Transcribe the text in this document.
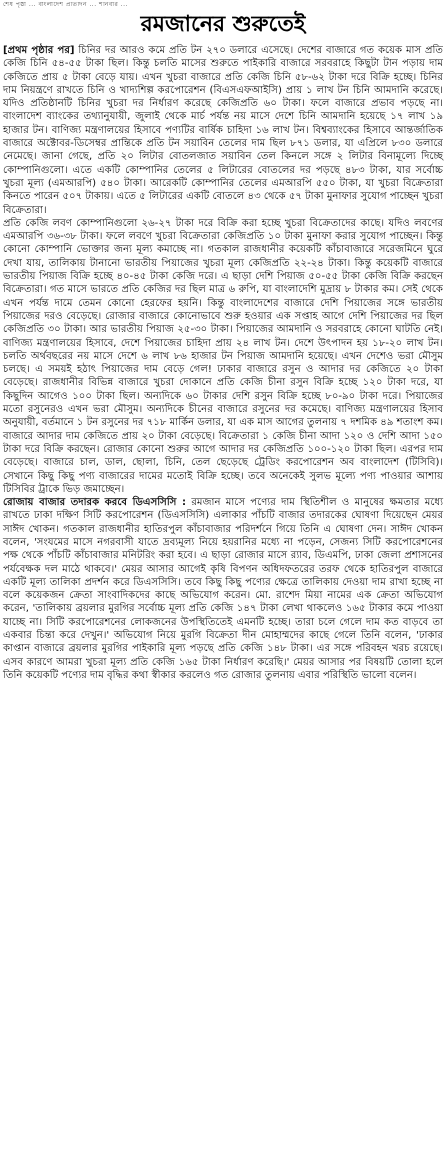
শেষ পৃষ্ঠা ... বাংলাদেশ প্রতিদিন ... শনিবার ...
রমজানের শুরুতেই

[প্রথম পৃষ্ঠার পর] চিনির দর আরও কমে প্রতি টন ২৭০ ডলারে এসেছে। দেশের বাজারে গত কয়েক মাস প্রতি কেজি চিনি ৫৪-৫৫ টাকা ছিল। কিন্তু চলতি মাসের শুরুতে পাইকারি বাজারে সরবরাহে কিছুটা টান পড়ায় দাম কেজিতে প্রায় ৫ টাকা বেড়ে যায়। এখন খুচরা বাজারে প্রতি কেজি চিনি ৫৮-৬২ টাকা দরে বিক্রি হচ্ছে। চিনির দাম নিয়ন্ত্রণে রাখতে চিনি ও খাদ্যশিল্প করপোরেশন (বিএসএফআইসি) প্রায় ১ লাখ টন চিনি আমদানি করেছে। যদিও প্রতিষ্ঠানটি চিনির খুচরা দর নির্ধারণ করেছে কেজিপ্রতি ৬০ টাকা। ফলে বাজারে প্রভাব পড়ছে না। বাংলাদেশ ব্যাংকের তথ্যানুযায়ী, জুলাই থেকে মার্চ পর্যন্ত নয় মাসে দেশে চিনি আমদানি হয়েছে ১৭ লাখ ১৯ হাজার টন। বাণিজ্য মন্ত্রণালয়ের হিসাবে পণ্যটির বার্ষিক চাহিদা ১৬ লাখ টন। বিশ্বব্যাংকের হিসাবে আন্তর্জাতিক বাজারে অক্টোবর-ডিসেম্বর প্রান্তিকে প্রতি টন সয়াবিন তেলের দাম ছিল ৮৭১ ডলার, যা এপ্রিলে ৮৩০ ডলারে নেমেছে। জানা গেছে, প্রতি ২০ লিটার বোতলজাত সয়াবিন তেল কিনলে সঙ্গে ২ লিটার বিনামূল্যে দিচ্ছে কোম্পানিগুলো। এতে একটি কোম্পানির তেলের ৫ লিটারের বোতলের দর পড়ছে ৪৮৩ টাকা, যার সর্বোচ্চ খুচরা মূল্য (এমআরপি) ৫৪০ টাকা। আরেকটি কোম্পানির তেলের এমআরপি ৫৫০ টাকা, যা খুচরা বিক্রেতারা কিনতে পারেন ৫০৭ টাকায়। এতে ৫ লিটারের একটি বোতলে ৪৩ থেকে ৫৭ টাকা মুনাফার সুযোগ পাচ্ছেন খুচরা বিক্রেতারা।

প্রতি কেজি লবণ কোম্পানিগুলো ২৬-২৭ টাকা দরে বিক্রি করা হচ্ছে খুচরা বিক্রেতাদের কাছে। যদিও লবণের এমআরপি ৩৬-৩৮ টাকা। ফলে লবণে খুচরা বিক্রেতারা কেজিপ্রতি ১০ টাকা মুনাফা করার সুযোগ পাচ্ছেন। কিন্তু কোনো কোম্পানি ভোক্তার জন্য মূল্য কমাচ্ছে না। গতকাল রাজধানীর কয়েকটি কাঁচাবাজারে সরেজমিনে ঘুরে দেখা যায়, তালিকায় টানানো ভারতীয় পিয়াজের খুচরা মূল্য কেজিপ্রতি ২২-২৪ টাকা। কিন্তু কয়েকটি বাজারে ভারতীয় পিয়াজ বিক্রি হচ্ছে ৪০-৪৫ টাকা কেজি দরে। এ ছাড়া দেশি পিয়াজ ৫০-৫৫ টাকা কেজি বিক্রি করছেন বিক্রেতারা। গত মাসে ভারতে প্রতি কেজির দর ছিল মাত্র ৬ রুপি, যা বাংলাদেশি মুদ্রায় ৮ টাকার কম। সেই থেকে এখন পর্যন্ত দামে তেমন কোনো হেরফের হয়নি। কিন্তু বাংলাদেশের বাজারে দেশি পিয়াজের সঙ্গে ভারতীয় পিয়াজের দরও বেড়েছে। রোজার বাজারে কোনোভাবে শুরু হওয়ার এক সপ্তাহ আগে দেশি পিয়াজের দর ছিল কেজিপ্রতি ৩০ টাকা। আর ভারতীয় পিয়াজ ২৫-৩০ টাকা। পিয়াজের আমদানি ও সরবরাহে কোনো ঘাটতি নেই। বাণিজ্য মন্ত্রণালয়ের হিসাবে, দেশে পিয়াজের চাহিদা প্রায় ২৪ লাখ টন। দেশে উৎপাদন হয় ১৮-২০ লাখ টন। চলতি অর্থবছরের নয় মাসে দেশে ৬ লাখ ৮৬ হাজার টন পিয়াজ আমদানি হয়েছে। এখন দেশেও ভরা মৌসুম চলছে। এ সময়ই হঠাৎ পিয়াজের দাম বেড়ে গেল! ঢাকার বাজারে রসুন ও আদার দর কেজিতে ২০ টাকা বেড়েছে। রাজধানীর বিভিন্ন বাজারে খুচরা দোকানে প্রতি কেজি চীনা রসুন বিক্রি হচ্ছে ১২০ টাকা দরে, যা কিছুদিন আগেও ১০০ টাকা ছিল। অন্যদিকে ৬০ টাকার দেশি রসুন বিক্রি হচ্ছে ৮০-৯০ টাকা দরে। পিয়াজের মতো রসুনেরও এখন ভরা মৌসুম। অন্যদিকে চীনের বাজারে রসুনের দর কমেছে। বাণিজ্য মন্ত্রণালয়ের হিসাব অনুযায়ী, বর্তমানে ১ টন রসুনের দর ৭১৮ মার্কিন ডলার, যা এক মাস আগের তুলনায় ৭ দশমিক ৪৯ শতাংশ কম। বাজারে আদার দাম কেজিতে প্রায় ২০ টাকা বেড়েছে। বিক্রেতারা ১ কেজি চীনা আদা ১২০ ও দেশি আদা ১৫০ টাকা দরে বিক্রি করছেন। রোজার কোনো শুরুর আগে আদার দর কেজিপ্রতি ১০০-১২০ টাকা ছিল। এরপর দাম বেড়েছে। বাজারে চাল, ডাল, ছোলা, চিনি, তেল ছেড়েছে ট্রেডিং করপোরেশন অব বাংলাদেশ (টিসিবি)। সেখানে কিছু কিছু পণ্য বাজারের দামের মতোই বিক্রি হচ্ছে। তবে অনেকেই সুলভ মূল্যে পণ্য পাওয়ার আশায় টিসিবির ট্রাকে ভিড় জমাচ্ছেন।

রোজায় বাজার তদারক করবে ডিএসসিসি : রমজান মাসে পণ্যের দাম স্থিতিশীল ও মানুষের ক্ষমতার মধ্যে রাখতে ঢাকা দক্ষিণ সিটি করপোরেশন (ডিএসসিসি) এলাকার পাঁচটি বাজার তদারকের ঘোষণা দিয়েছেন মেয়র সাঈদ খোকন। গতকাল রাজধানীর হাতিরপুল কাঁচাবাজার পরিদর্শনে গিয়ে তিনি এ ঘোষণা দেন। সাঈদ খোকন বলেন, 'সংযমের মাসে নগরবাসী যাতে দ্রব্যমূল্য নিয়ে হয়রানির মধ্যে না পড়েন, সেজন্য সিটি করপোরেশনের পক্ষ থেকে পাঁচটি কাঁচাবাজার মনিটরিং করা হবে। এ ছাড়া রোজার মাসে র‌্যাব, ডিএমপি, ঢাকা জেলা প্রশাসনের পর্যবেক্ষক দল মাঠে থাকবে।' মেয়র আসার আগেই কৃষি বিপণন অধিদফতরের তরফ থেকে হাতিরপুল বাজারে একটি মূল্য তালিকা প্রদর্শন করে ডিএসসিসি। তবে কিছু কিছু পণ্যের ক্ষেত্রে তালিকায় দেওয়া দাম রাখা হচ্ছে না বলে কয়েকজন ক্রেতা সাংবাদিকদের কাছে অভিযোগ করেন। মো. রাশেদ মিয়া নামের এক ক্রেতা অভিযোগ করেন, 'তালিকায় ব্রয়লার মুরগির সর্বোচ্চ মূল্য প্রতি কেজি ১৪৭ টাকা লেখা থাকলেও ১৬৫ টাকার কমে পাওয়া যাচ্ছে না। সিটি করপোরেশনের লোকজনের উপস্থিতিতেই এমনটি হচ্ছে। তারা চলে গেলে দাম কত বাড়বে তা একবার চিন্তা করে দেখুন।' অভিযোগ নিয়ে মুরগি বিক্রেতা দীন মোহাম্মদের কাছে গেলে তিনি বলেন, 'ঢাকার কাপ্তান বাজারে ব্রয়লার মুরগির পাইকারি মূল্য পড়ছে প্রতি কেজি ১৪৮ টাকা। এর সঙ্গে পরিবহন খরচ রয়েছে। এসব কারণে আমরা খুচরা মূল্য প্রতি কেজি ১৬৫ টাকা নির্ধারণ করেছি।' মেয়র আসার পর বিষয়টি তোলা হলে তিনি কয়েকটি পণ্যের দাম বৃদ্ধির কথা স্বীকার করলেও গত রোজার তুলনায় এবার পরিস্থিতি ভালো বলেন।
